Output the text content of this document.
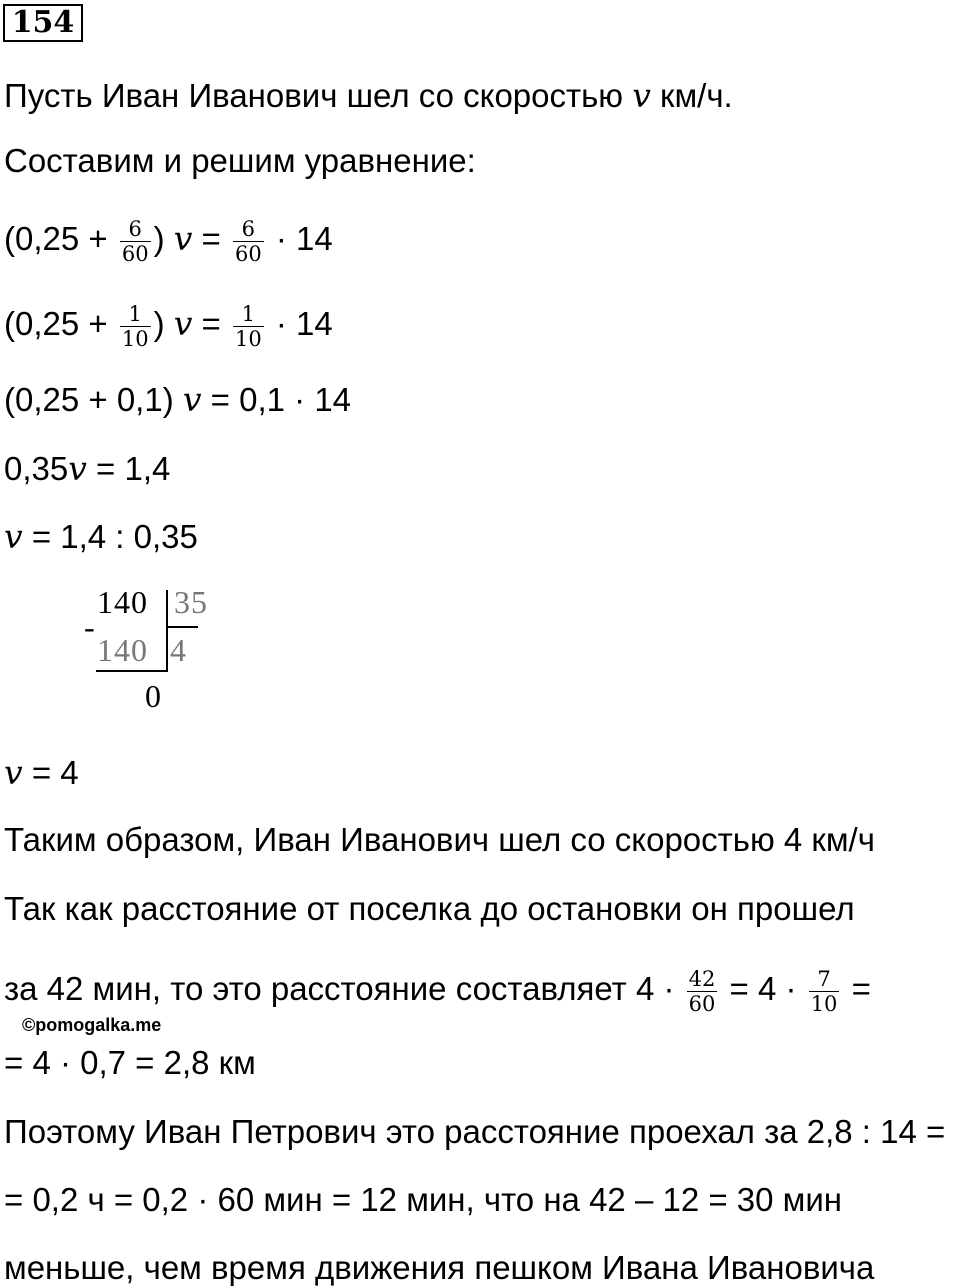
154
Пусть Иван Иванович шел со скоростью v км/ч.
Составим и решим уравнение:
($0,25 + \frac{6}{60}$ ) $v = \frac{6}{60} \cdot 14$
($0,25 + \frac{1}{10}$ ) $v = \frac{1}{10} \cdot 14$
(0,25 + 0,1) v = 0,1 · 14
0,35v = 1,4
v = 1,4 : 0,35
140 35
-
140 4
0
v = 4
Таким образом, Иван Иванович шел со скоростью 4 км/ч
Так как расстояние от поселка до остановки он прошел
за 42 мин, то это расстояние составляет $4 \cdot \frac{42}{60} = 4 \cdot \frac{7}{10}$ =
©pomogalka.me
= 4 · 0,7 = 2,8 км
Поэтому Иван Петрович это расстояние проехал за 2,8 : 14 =
= 0,2 ч = 0,2 · 60 мин = 12 мин, что на 42 – 12 = 30 мин
меньше, чем время движения пешком Ивана Ивановича
